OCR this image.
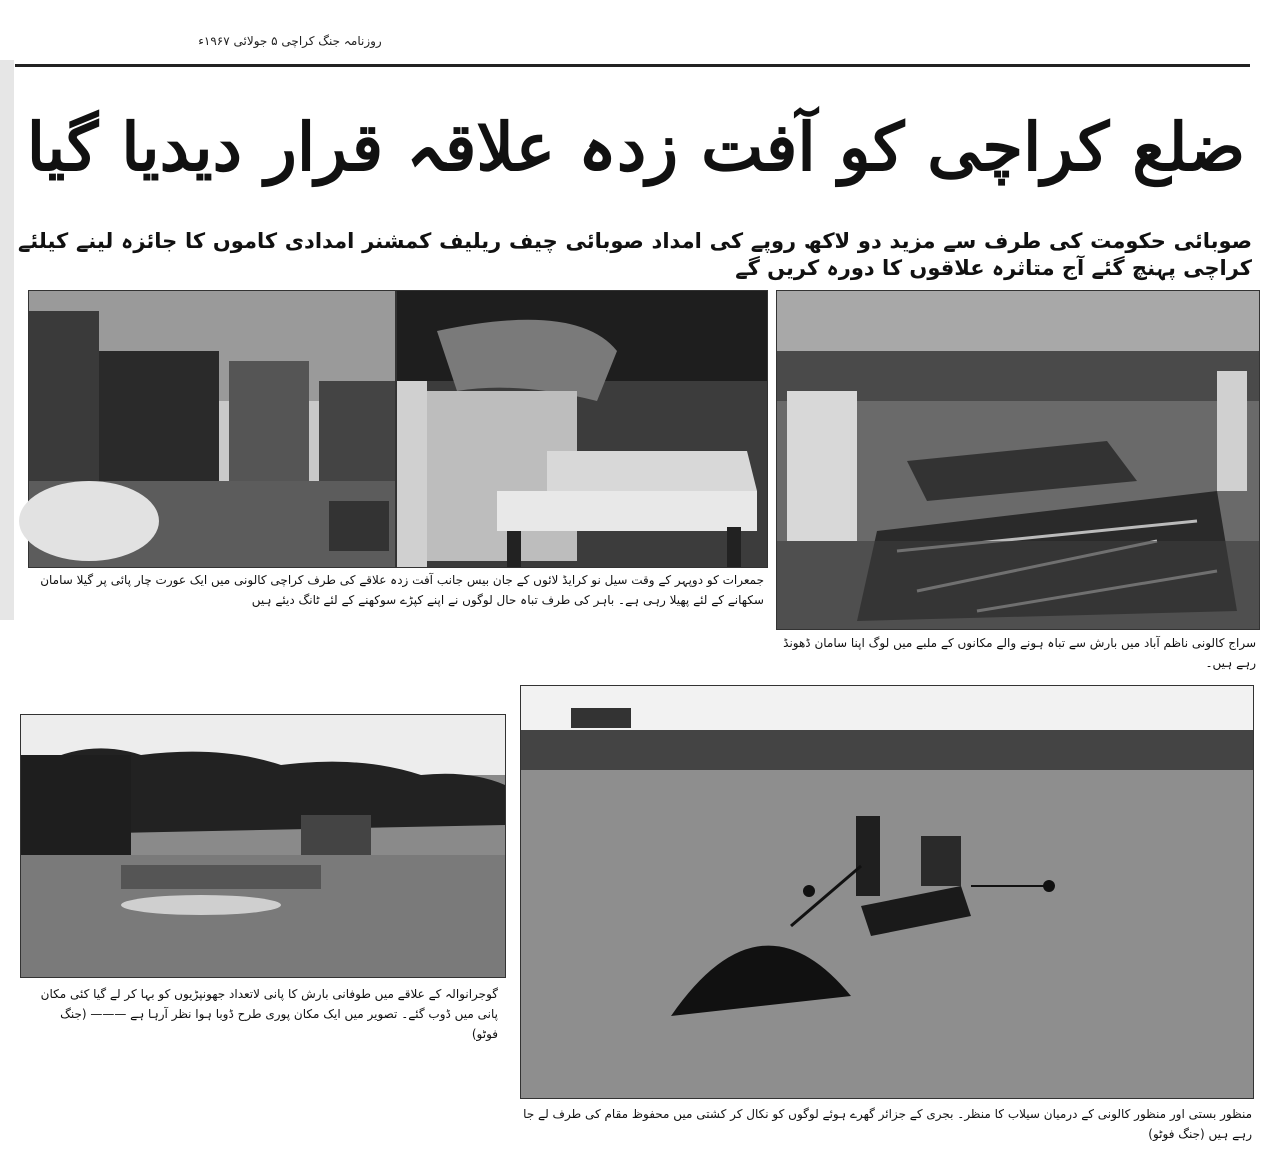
روزنامہ جنگ کراچی ۵ جولائی ۱۹۶۷ء
ضلع کراچی کو آفت زدہ علاقہ قرار دیدیا گیا
صوبائی حکومت کی طرف سے مزید دو لاکھ روپے کی امداد صوبائی چیف ریلیف کمشنر امدادی کاموں کا جائزہ لینے کیلئے کراچی پہنچ گئے آج متاثرہ علاقوں کا دورہ کریں گے
جمعرات کو دوپہر کے وقت سیل نو کرایڈ لائوں کے جان بیس جانب آفت زدہ علاقے کی طرف کراچی کالونی میں ایک عورت چار پائی پر گیلا سامان سکھانے کے لئے پھیلا رہی ہے۔ باہر کی طرف تباہ حال لوگوں نے اپنے کپڑے سوکھنے کے لئے ٹانگ دیئے ہیں
سراج کالونی ناظم آباد میں بارش سے تباہ ہونے والے مکانوں کے ملبے میں لوگ اپنا سامان ڈھونڈ رہے ہیں۔
گوجرانوالہ کے علاقے میں طوفانی بارش کا پانی لاتعداد جھونپڑیوں کو بہا کر لے گیا کئی مکان پانی میں ڈوب گئے۔ تصویر میں ایک مکان پوری طرح ڈوبا ہوا نظر آرہا ہے ——— (جنگ فوٹو)
منظور بستی اور منظور کالونی کے درمیان سیلاب کا منظر۔ بجری کے جزائر گھرے ہوئے لوگوں کو نکال کر کشتی میں محفوظ مقام کی طرف لے جا رہے ہیں (جنگ فوٹو)
